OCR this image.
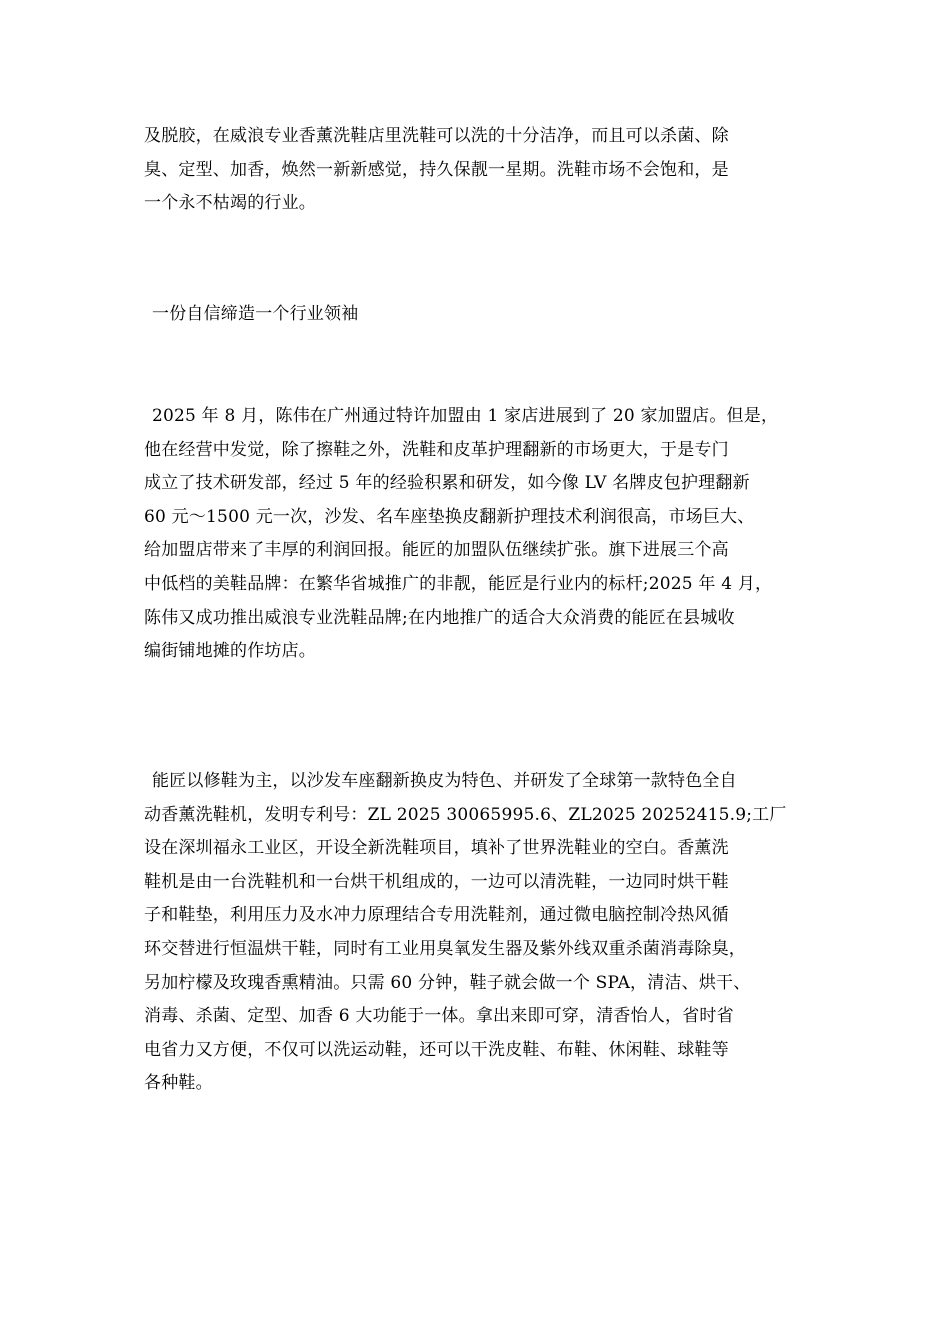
及脱胶，在威浪专业香薰洗鞋店里洗鞋可以洗的十分洁净，而且可以杀菌、除
臭、定型、加香，焕然一新新感觉，持久保靓一星期。洗鞋市场不会饱和，是
一个永不枯竭的行业。
一份自信缔造一个行业领袖
2025 年 8 月，陈伟在广州通过特许加盟由 1 家店进展到了 20 家加盟店。但是，
他在经营中发觉，除了擦鞋之外，洗鞋和皮革护理翻新的市场更大，于是专门
成立了技术研发部，经过 5 年的经验积累和研发，如今像 LV 名牌皮包护理翻新
60 元～1500 元一次，沙发、名车座垫换皮翻新护理技术利润很高，市场巨大、
给加盟店带来了丰厚的利润回报。能匠的加盟队伍继续扩张。旗下进展三个高
中低档的美鞋品牌：在繁华省城推广的非靓，能匠是行业内的标杆;2025 年 4 月，
陈伟又成功推出威浪专业洗鞋品牌;在内地推广的适合大众消费的能匠在县城收
编街铺地摊的作坊店。
能匠以修鞋为主，以沙发车座翻新换皮为特色、并研发了全球第一款特色全自
动香薰洗鞋机，发明专利号：ZL 2025 30065995.6、ZL2025 20252415.9;工厂
设在深圳福永工业区，开设全新洗鞋项目，填补了世界洗鞋业的空白。香薰洗
鞋机是由一台洗鞋机和一台烘干机组成的，一边可以清洗鞋，一边同时烘干鞋
子和鞋垫，利用压力及水冲力原理结合专用洗鞋剂，通过微电脑控制冷热风循
环交替进行恒温烘干鞋，同时有工业用臭氧发生器及紫外线双重杀菌消毒除臭，
另加柠檬及玫瑰香熏精油。只需 60 分钟，鞋子就会做一个 SPA，清洁、烘干、
消毒、杀菌、定型、加香 6 大功能于一体。拿出来即可穿，清香怡人，省时省
电省力又方便，不仅可以洗运动鞋，还可以干洗皮鞋、布鞋、休闲鞋、球鞋等
各种鞋。
